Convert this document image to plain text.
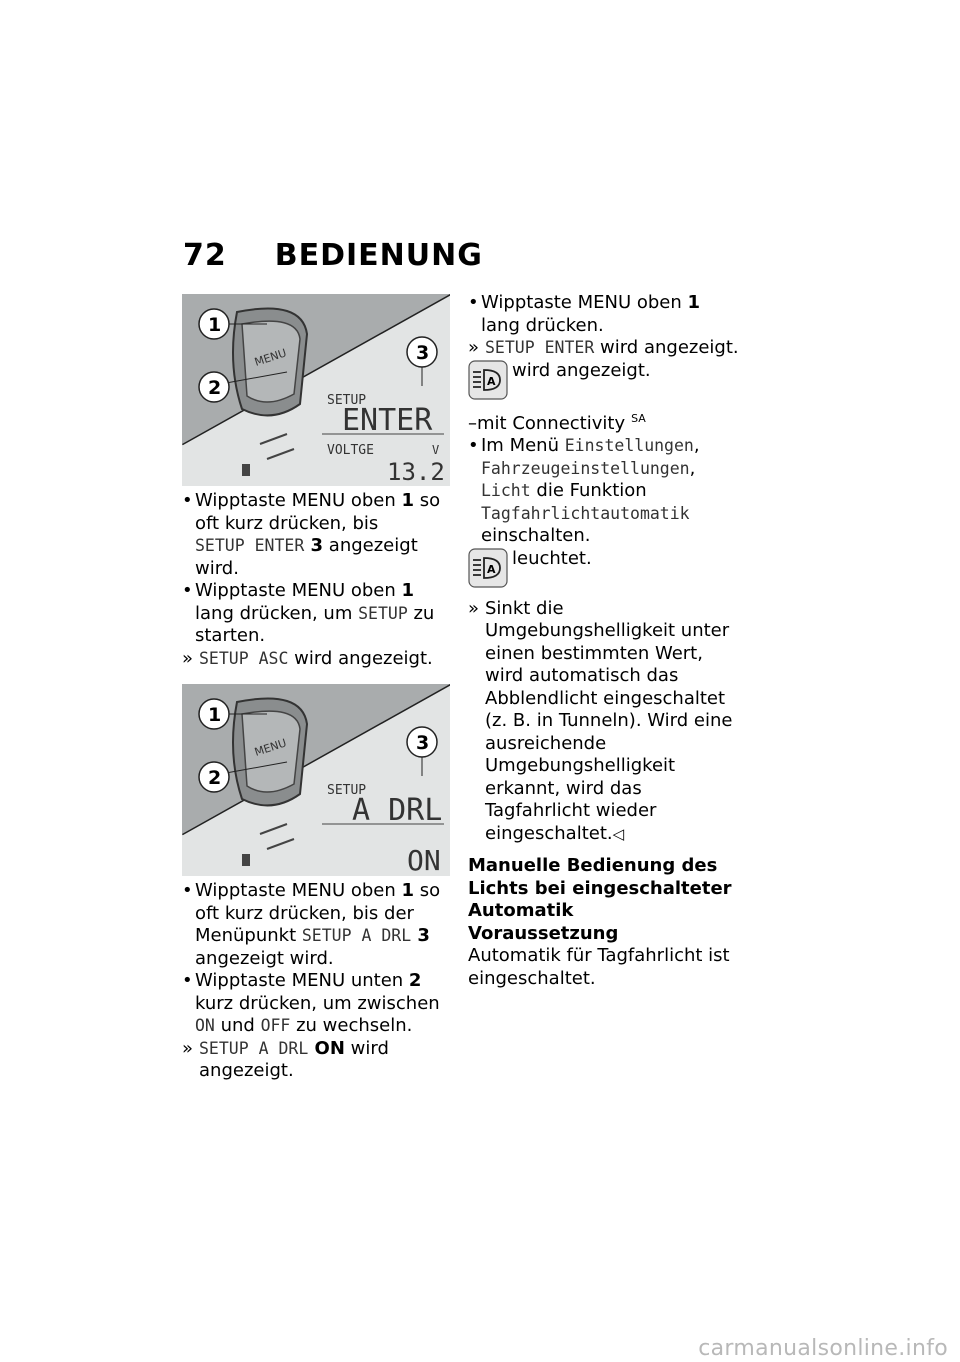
72 BEDIENUNG
MENU
1
2
3
SETUP
ENTER
VOLTGE	V
13.2

• Wipptaste MENU oben 1 so oft kurz drücken, bis SETUP ENTER 3 angezeigt wird.

• Wipptaste MENU oben 1 lang drücken, um SETUP zu starten.

» SETUP ASC wird angezeigt.

MENU
1
2
3
SETUP
A DRL
ON

• Wipptaste MENU oben 1 so oft kurz drücken, bis der Menüpunkt SETUP A DRL 3 angezeigt wird.

• Wipptaste MENU unten 2 kurz drücken, um zwischen ON und OFF zu wechseln.

» SETUP A DRL ON wird angezeigt.

• Wipptaste MENU oben 1 lang drücken.

» SETUP ENTER wird angezeigt.

A
wird angezeigt.

–mit Connectivity $^{SA}$

• Im Menü Einstellungen, Fahrzeugeinstellungen, Licht die Funktion Tagfahrlichtautomatik einschalten.

A
leuchtet.

» Sinkt die Umgebungshelligkeit unter einen bestimmten Wert, wird automatisch das Abblendlicht eingeschaltet (z. B. in Tunneln). Wird eine ausreichende Umgebungshelligkeit erkannt, wird das Tagfahrlicht wieder eingeschaltet.◁

Manuelle Bedienung des Lichts bei eingeschalteter Automatik
Voraussetzung
Automatik für Tagfahrlicht ist eingeschaltet.
carmanualsonline.info
